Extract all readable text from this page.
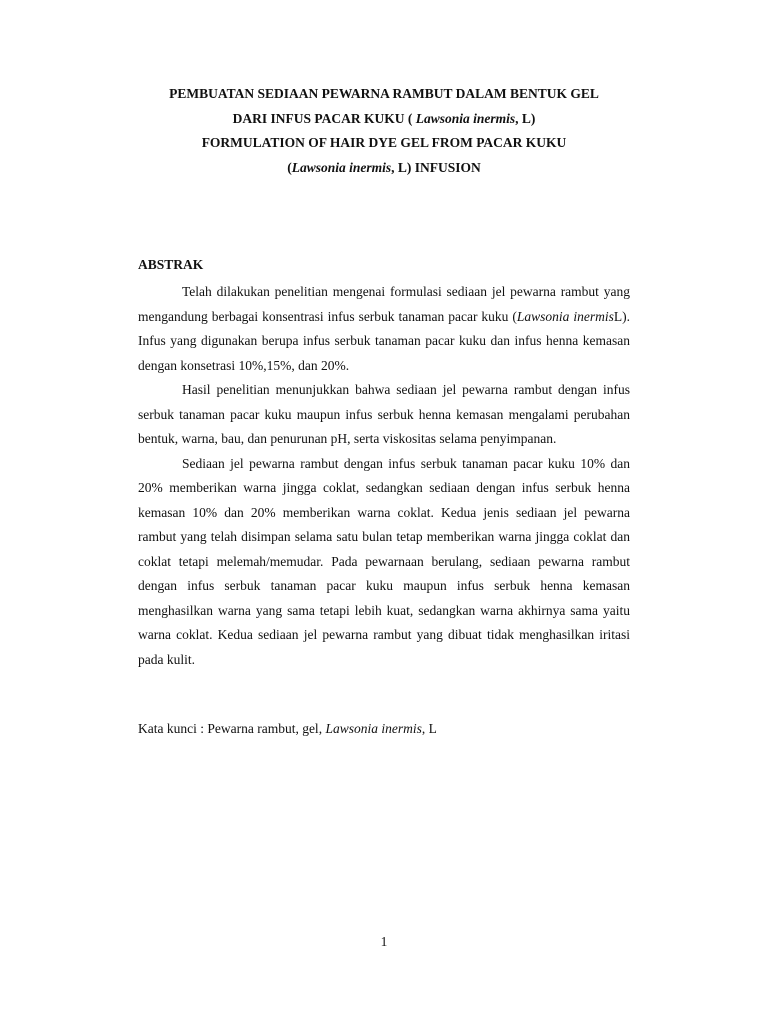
PEMBUATAN SEDIAAN PEWARNA RAMBUT DALAM BENTUK GEL
DARI INFUS PACAR KUKU ( Lawsonia inermis, L)
FORMULATION OF HAIR DYE GEL FROM PACAR KUKU
(Lawsonia inermis, L) INFUSION
ABSTRAK

Telah dilakukan penelitian mengenai formulasi sediaan jel pewarna rambut yang mengandung berbagai konsentrasi infus serbuk tanaman pacar kuku (Lawsonia inermisL). Infus yang digunakan berupa infus serbuk tanaman pacar kuku dan infus henna kemasan dengan konsetrasi 10%,15%, dan 20%.

Hasil penelitian menunjukkan bahwa sediaan jel pewarna rambut dengan infus serbuk tanaman pacar kuku maupun infus serbuk henna kemasan mengalami perubahan bentuk, warna, bau, dan penurunan pH, serta viskositas selama penyimpanan.

Sediaan jel pewarna rambut dengan infus serbuk tanaman pacar kuku 10% dan 20% memberikan warna jingga coklat, sedangkan sediaan dengan infus serbuk henna kemasan 10% dan 20% memberikan warna coklat. Kedua jenis sediaan jel pewarna rambut yang telah disimpan selama satu bulan tetap memberikan warna jingga coklat dan coklat tetapi melemah/memudar. Pada pewarnaan berulang, sediaan pewarna rambut dengan infus serbuk tanaman pacar kuku maupun infus serbuk henna kemasan menghasilkan warna yang sama tetapi lebih kuat, sedangkan warna akhirnya sama yaitu warna coklat. Kedua sediaan jel pewarna rambut yang dibuat tidak menghasilkan iritasi pada kulit.

Kata kunci : Pewarna rambut, gel, Lawsonia inermis, L
1
